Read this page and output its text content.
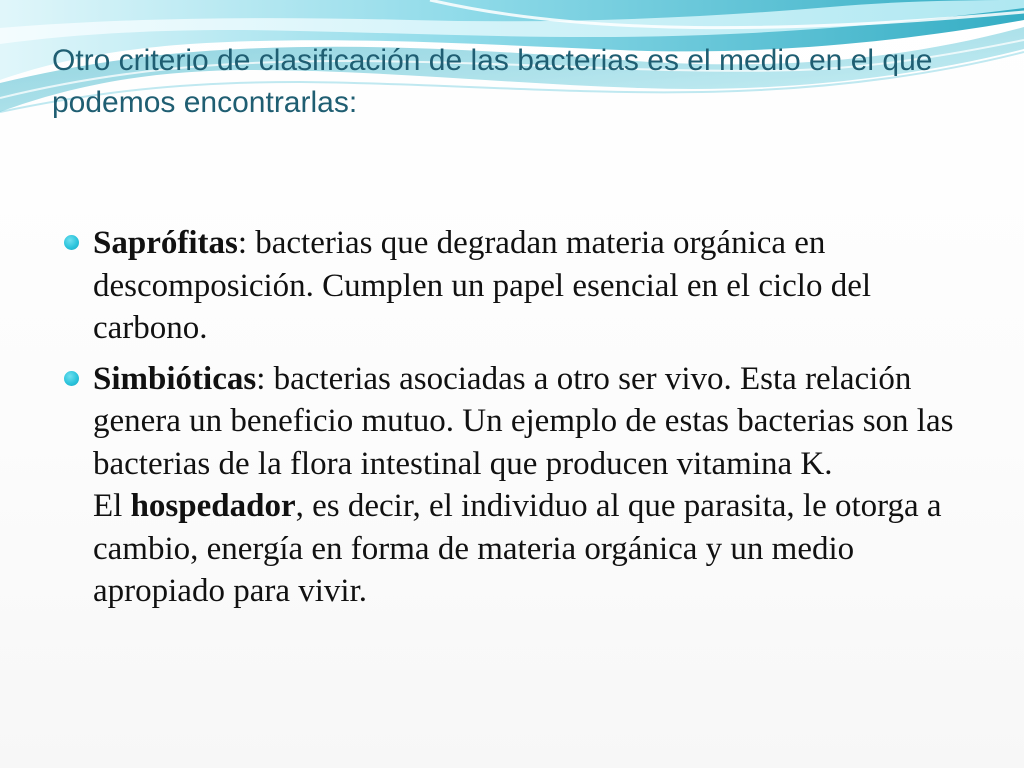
Otro criterio de clasificación de las bacterias es el medio en el que podemos encontrarlas:
Saprófitas: bacterias que degradan materia orgánica en descomposición. Cumplen un papel esencial en el ciclo del carbono.
Simbióticas: bacterias asociadas a otro ser vivo. Esta relación genera un beneficio mutuo. Un ejemplo de estas bacterias son las bacterias de la flora intestinal que producen vitamina K.
El hospedador, es decir, el individuo al que parasita, le otorga a cambio, energía en forma de materia orgánica y un medio apropiado para vivir.
